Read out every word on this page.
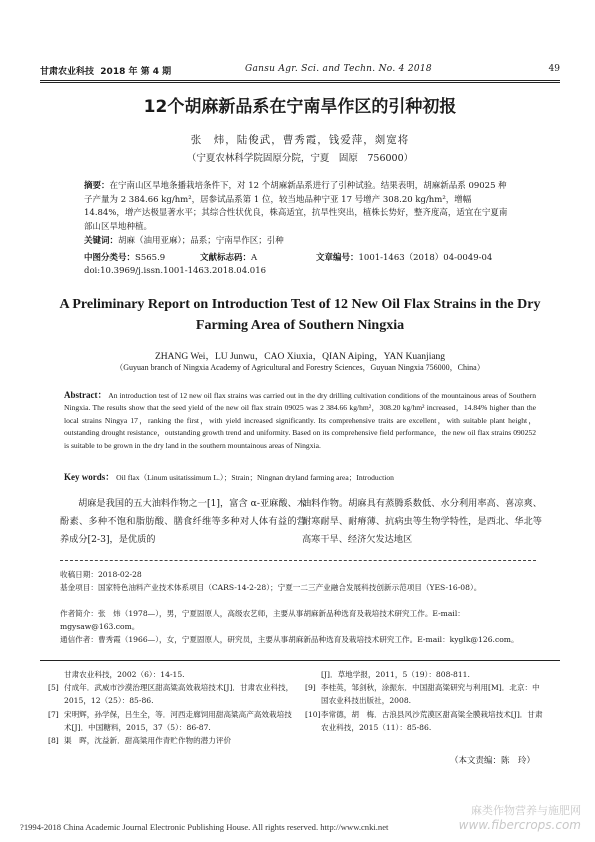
甘肃农业科技 2018 年 第 4 期	Gansu Agr. Sci. and Techn. No. 4 2018	49
12个胡麻新品系在宁南旱作区的引种初报
张　炜，陆俊武，曹秀霞，钱爱萍，剡宽将
（宁夏农林科学院固原分院，宁夏　固原　756000）
摘要：在宁南山区旱地条播栽培条件下，对 12 个胡麻新品系进行了引种试验。结果表明，胡麻新品系 09025 种子产量为 2 384.66 kg/hm²，居参试品系第 1 位，较当地品种宁亚 17 号增产 308.20 kg/hm²，增幅 14.84%，增产达极显著水平；其综合性状优良，株高适宜，抗旱性突出，植株长势好，整齐度高，适宜在宁夏南部山区旱地种植。
关键词：胡麻（油用亚麻）；品系；宁南旱作区；引种
中图分类号：S565.9	文献标志码：A	文章编号：1001-1463（2018）04-0049-04
doi:10.3969/j.issn.1001-1463.2018.04.016
A Preliminary Report on Introduction Test of 12 New Oil Flax Strains in the Dry Farming Area of Southern Ningxia
ZHANG Wei，LU Junwu，CAO Xiuxia，QIAN Aiping，YAN Kuanjiang
（Guyuan branch of Ningxia Academy of Agricultural and Forestry Sciences，Guyuan Ningxia 756000，China）
Abstract： An introduction test of 12 new oil flax strains was carried out in the dry drilling cultivation conditions of the mountainous areas of Southern Ningxia. The results show that the seed yield of the new oil flax strain 09025 was 2 384.66 kg/hm²，308.20 kg/hm² increased，14.84% higher than the local strains Ningya 17，ranking the first，with yield increased significantly. Its comprehensive traits are excellent，with suitable plant height，outstanding drought resistance，outstanding growth trend and uniformity. Based on its comprehensive field performance，the new oil flax strains 090252 is suitable to be grown in the dry land in the southern mountainous areas of Ningxia.
Key words： Oil flax（Linum usitatissimum L.）；Strain；Ningnan dryland farming area；Introduction
胡麻是我国的五大油料作物之一[1]，富含 α-亚麻酸、木酚素、多种不饱和脂肪酸、膳食纤维等多种对人体有益的营养成分[2-3]，是优质的
油料作物。胡麻具有蒸腾系数低、水分利用率高、喜凉爽、耐寒耐旱、耐瘠薄、抗病虫等生物学特性，是西北、华北等高寒干旱、经济欠发达地区
收稿日期：2018-02-28
基金项目：国家特色油料产业技术体系项目（CARS-14-2-28）；宁夏一二三产业融合发展科技创新示范项目（YES-16-08）。
作者简介：张　炜（1978—），男，宁夏固原人，高级农艺师，主要从事胡麻新品种选育及栽培技术研究工作。E-mail：mgysaw@163.com。
通信作者：曹秀霞（1966—），女，宁夏固原人，研究员，主要从事胡麻新品种选育及栽培技术研究工作。E-mail：kyglk@126.com。
甘肃农业科技，2002（6）：14-15.
[5] 付成年．武威市沙漠治理区甜高粱高效栽培技术[J]．甘肃农业科技，2015，12（25）：85-86.
[7] 宋明辉，孙学保，吕生全，等．河西走廊饲用甜高粱高产高效栽培技术[J]．中国糖料，2015，37（5）：86-87.
[8] 渠　晖，沈益新．甜高粱用作青贮作物的潜力评价
[J]．草地学报，2011，5（19）：808-811.
[9] 李桂英，邹剑秋，涂振东．中国甜高粱研究与利用[M]．北京：中国农业科技出版社，2008.
[10] 李常德，胡　梅．古浪县风沙荒漠区甜高粱全膜栽培技术[J]．甘肃农业科技，2015（11）：85-86.
（本文责编：陈　玲）
麻类作物营养与施肥网
www.fibercrops.com
?1994-2018 China Academic Journal Electronic Publishing House. All rights reserved. http://www.cnki.net
